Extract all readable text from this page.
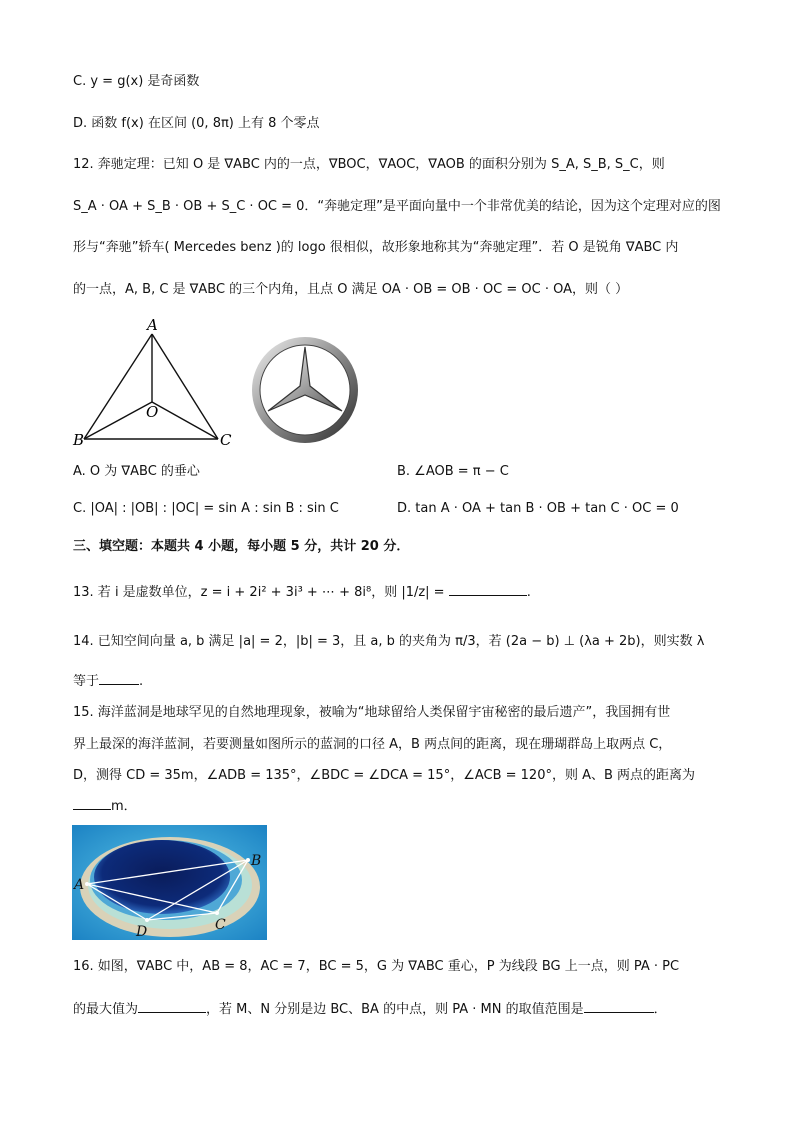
C. y = g(x) 是奇函数
D. 函数 f(x) 在区间 (0, 8π) 上有 8 个零点
12. 奔驰定理：已知 O 是 ∇ABC 内的一点，∇BOC，∇AOC，∇AOB 的面积分别为 S_A, S_B, S_C，则
S_A · OA + S_B · OB + S_C · OC = 0．“奔驰定理”是平面向量中一个非常优美的结论，因为这个定理对应的图
形与“奔驰”轿车( Mercedes benz )的 logo 很相似，故形象地称其为“奔驰定理”．若 O 是锐角 ∇ABC 内
的一点，A, B, C 是 ∇ABC 的三个内角，且点 O 满足 OA · OB = OB · OC = OC · OA，则（ ）
A
O
B	C
A. O 为 ∇ABC 的垂心	B. ∠AOB = π − C
C. |OA| : |OB| : |OC| = sin A : sin B : sin C	D. tan A · OA + tan B · OB + tan C · OC = 0
三、填空题：本题共 4 小题，每小题 5 分，共计 20 分．
13. 若 i 是虚数单位，z = i + 2i² + 3i³ + ⋯ + 8i⁸，则 |1/z| =	.
14. 已知空间向量 a, b 满足 |a| = 2，|b| = 3，且 a, b 的夹角为 π/3，若 (2a − b) ⊥ (λa + 2b)，则实数 λ
等于	.
15. 海洋蓝洞是地球罕见的自然地理现象，被喻为“地球留给人类保留宇宙秘密的最后遗产”，我国拥有世
界上最深的海洋蓝洞，若要测量如图所示的蓝洞的口径 A，B 两点间的距离，现在珊瑚群岛上取两点 C，
D，测得 CD = 35m，∠ADB = 135°，∠BDC = ∠DCA = 15°，∠ACB = 120°，则 A、B 两点的距离为
m．
A
B
C
D
16. 如图，∇ABC 中，AB = 8，AC = 7，BC = 5，G 为 ∇ABC 重心，P 为线段 BG 上一点，则 PA · PC
的最大值为	，若 M、N 分别是边 BC、BA 的中点，则 PA · MN 的取值范围是	．
